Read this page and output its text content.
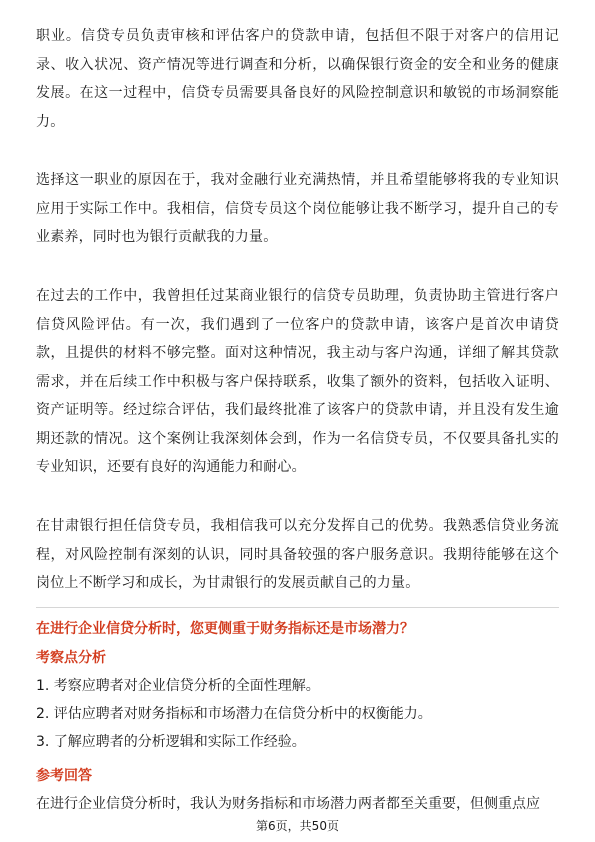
职业。信贷专员负责审核和评估客户的贷款申请，包括但不限于对客户的信用记录、收入状况、资产情况等进行调查和分析，以确保银行资金的安全和业务的健康发展。在这一过程中，信贷专员需要具备良好的风险控制意识和敏锐的市场洞察能力。

选择这一职业的原因在于，我对金融行业充满热情，并且希望能够将我的专业知识应用于实际工作中。我相信，信贷专员这个岗位能够让我不断学习，提升自己的专业素养，同时也为银行贡献我的力量。

在过去的工作中，我曾担任过某商业银行的信贷专员助理，负责协助主管进行客户信贷风险评估。有一次，我们遇到了一位客户的贷款申请，该客户是首次申请贷款，且提供的材料不够完整。面对这种情况，我主动与客户沟通，详细了解其贷款需求，并在后续工作中积极与客户保持联系，收集了额外的资料，包括收入证明、资产证明等。经过综合评估，我们最终批准了该客户的贷款申请，并且没有发生逾期还款的情况。这个案例让我深刻体会到，作为一名信贷专员，不仅要具备扎实的专业知识，还要有良好的沟通能力和耐心。

在甘肃银行担任信贷专员，我相信我可以充分发挥自己的优势。我熟悉信贷业务流程，对风险控制有深刻的认识，同时具备较强的客户服务意识。我期待能够在这个岗位上不断学习和成长，为甘肃银行的发展贡献自己的力量。

在进行企业信贷分析时，您更侧重于财务指标还是市场潜力？

考察点分析

1. 考察应聘者对企业信贷分析的全面性理解。

2. 评估应聘者对财务指标和市场潜力在信贷分析中的权衡能力。

3. 了解应聘者的分析逻辑和实际工作经验。

参考回答

在进行企业信贷分析时，我认为财务指标和市场潜力两者都至关重要，但侧重点应

第6页，共50页
